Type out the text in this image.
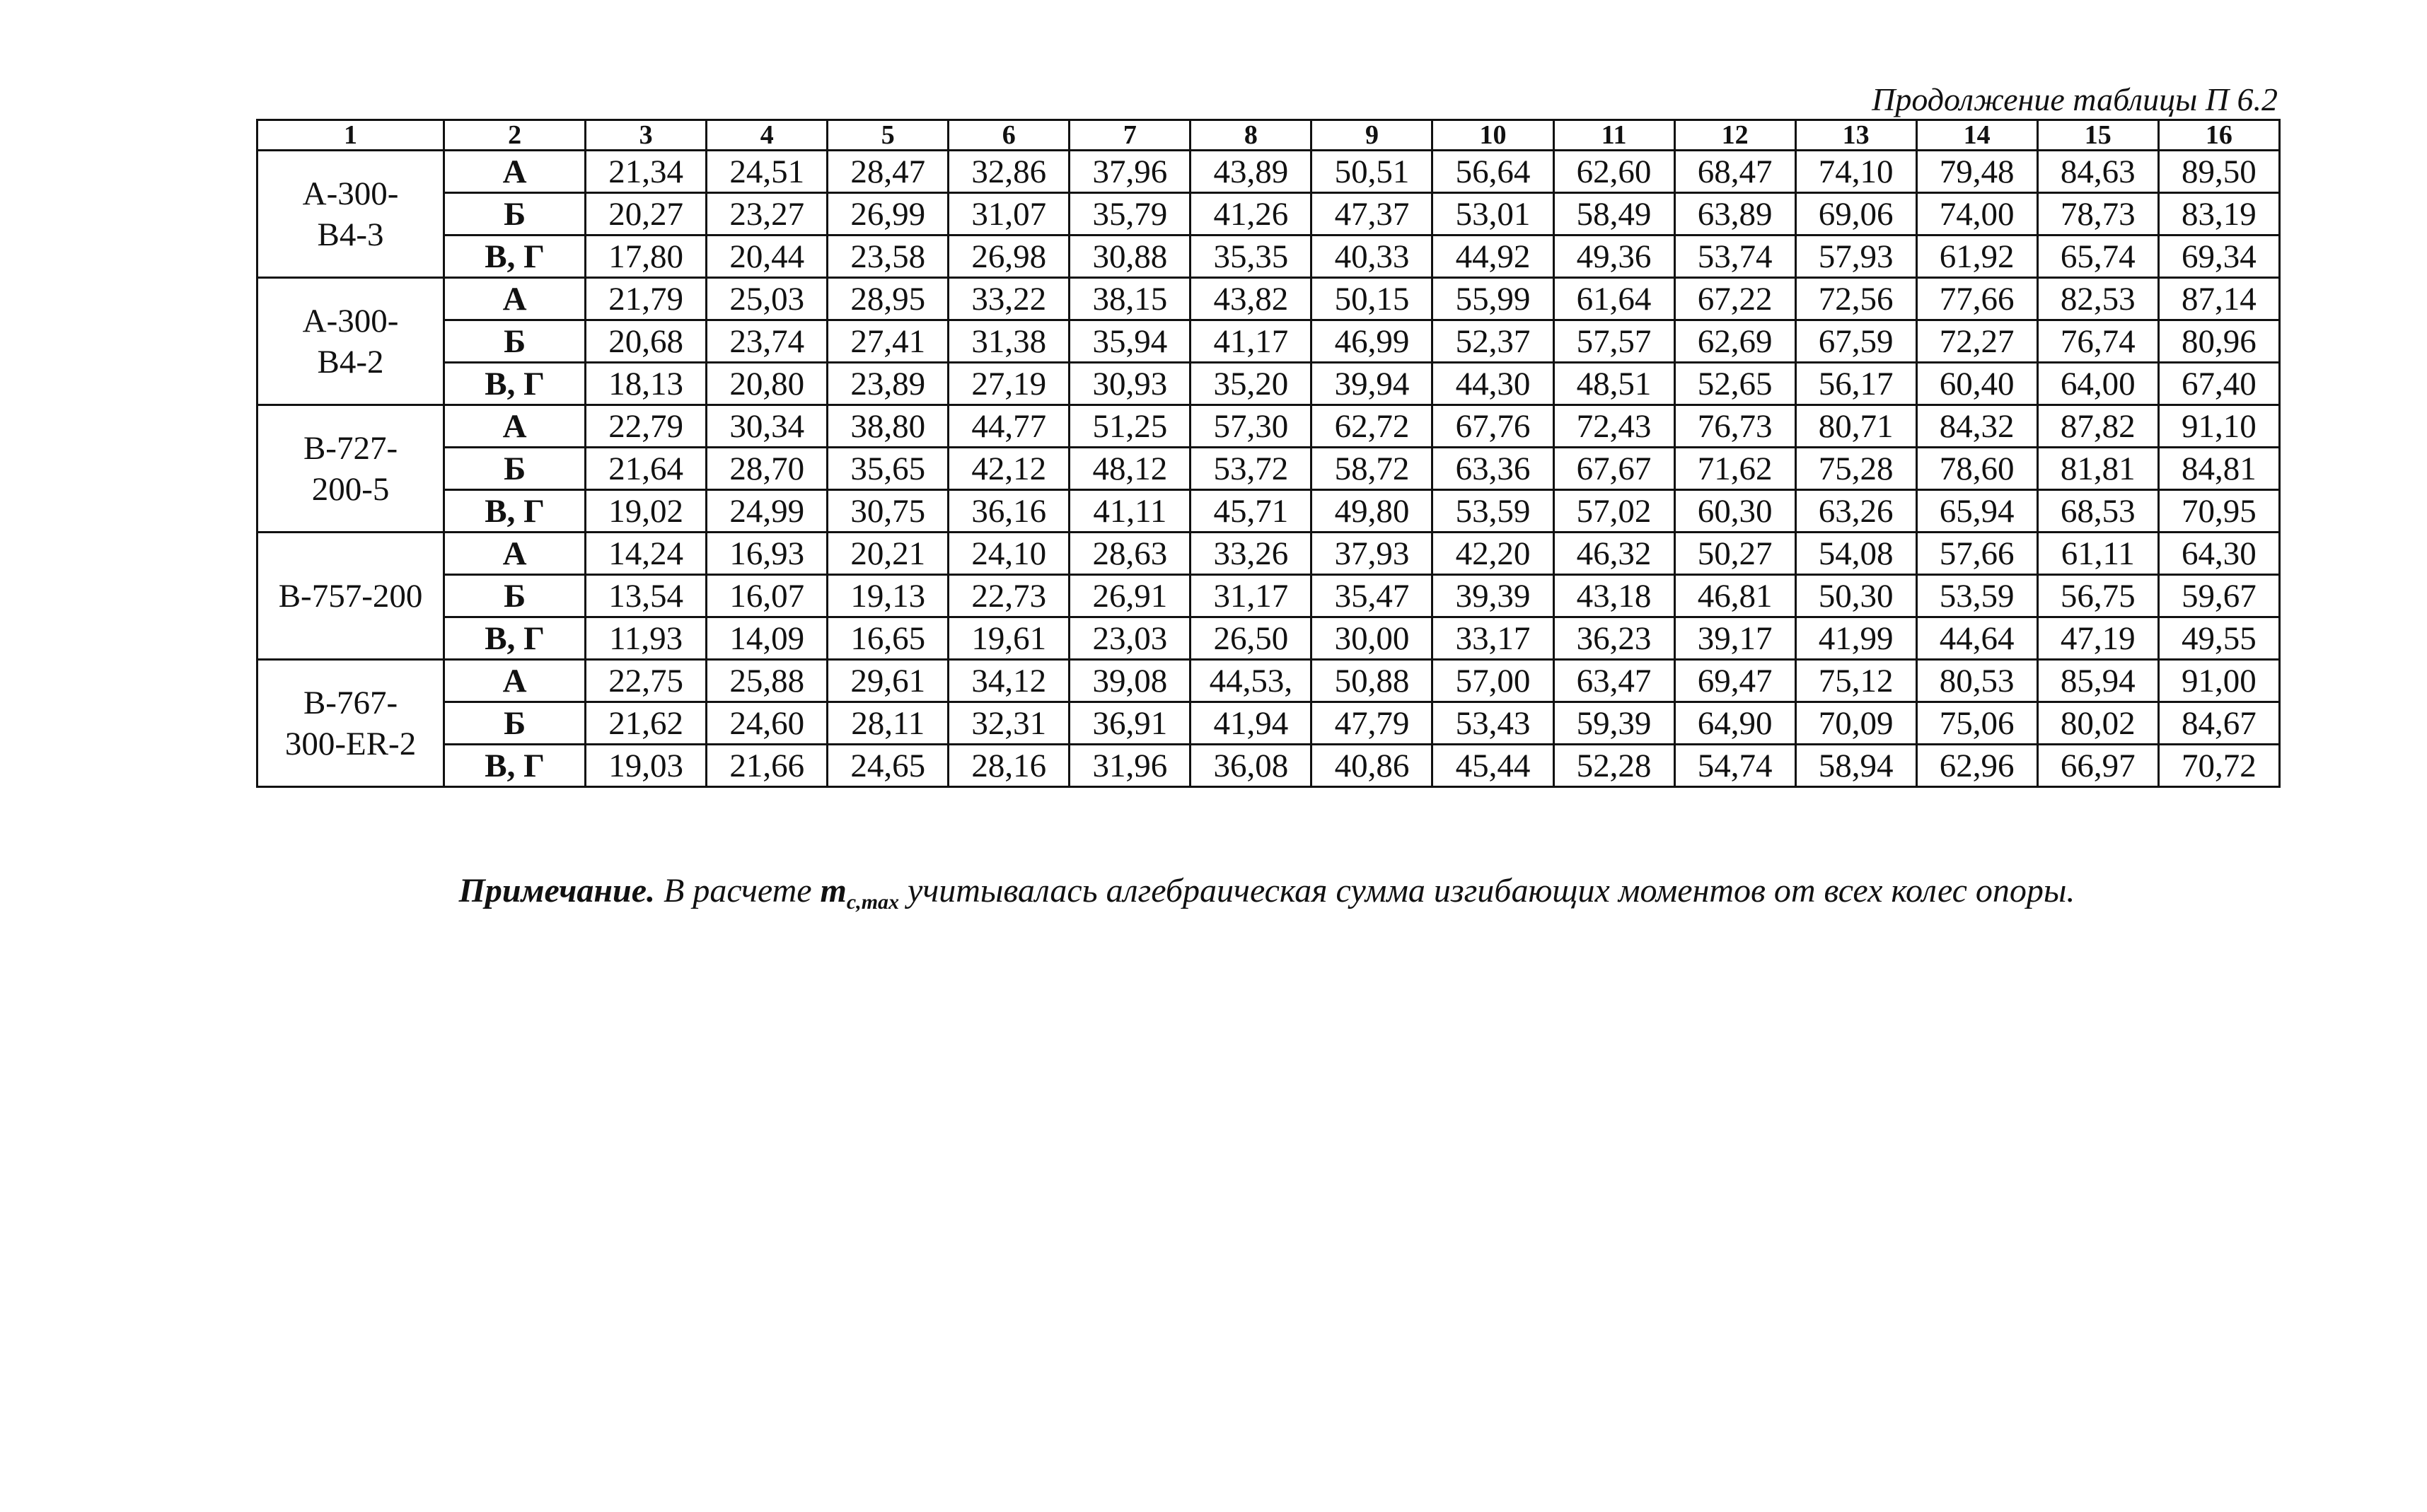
Продолжение таблицы П 6.2
1	2	3	4	5	6	7	8	9	10	11	12	13	14	15	16

А-300-
В4-3	А	21,34	24,51	28,47	32,86	37,96	43,89	50,51	56,64	62,60	68,47	74,10	79,48	84,63	89,50
	Б	20,27	23,27	26,99	31,07	35,79	41,26	47,37	53,01	58,49	63,89	69,06	74,00	78,73	83,19
	В, Г	17,80	20,44	23,58	26,98	30,88	35,35	40,33	44,92	49,36	53,74	57,93	61,92	65,74	69,34

А-300-
В4-2	А	21,79	25,03	28,95	33,22	38,15	43,82	50,15	55,99	61,64	67,22	72,56	77,66	82,53	87,14
	Б	20,68	23,74	27,41	31,38	35,94	41,17	46,99	52,37	57,57	62,69	67,59	72,27	76,74	80,96
	В, Г	18,13	20,80	23,89	27,19	30,93	35,20	39,94	44,30	48,51	52,65	56,17	60,40	64,00	67,40

В-727-
200-5	А	22,79	30,34	38,80	44,77	51,25	57,30	62,72	67,76	72,43	76,73	80,71	84,32	87,82	91,10
	Б	21,64	28,70	35,65	42,12	48,12	53,72	58,72	63,36	67,67	71,62	75,28	78,60	81,81	84,81
	В, Г	19,02	24,99	30,75	36,16	41,11	45,71	49,80	53,59	57,02	60,30	63,26	65,94	68,53	70,95

В-757-200	А	14,24	16,93	20,21	24,10	28,63	33,26	37,93	42,20	46,32	50,27	54,08	57,66	61,11	64,30
	Б	13,54	16,07	19,13	22,73	26,91	31,17	35,47	39,39	43,18	46,81	50,30	53,59	56,75	59,67
	В, Г	11,93	14,09	16,65	19,61	23,03	26,50	30,00	33,17	36,23	39,17	41,99	44,64	47,19	49,55

В-767-
300-ER-2	А	22,75	25,88	29,61	34,12	39,08	44,53,	50,88	57,00	63,47	69,47	75,12	80,53	85,94	91,00
	Б	21,62	24,60	28,11	32,31	36,91	41,94	47,79	53,43	59,39	64,90	70,09	75,06	80,02	84,67
	В, Г	19,03	21,66	24,65	28,16	31,96	36,08	40,86	45,44	52,28	54,74	58,94	62,96	66,97	70,72
Примечание. В расчете $m_{c,max}$ учитывалась алгебраическая сумма изгибающих моментов от всех колес опоры.
